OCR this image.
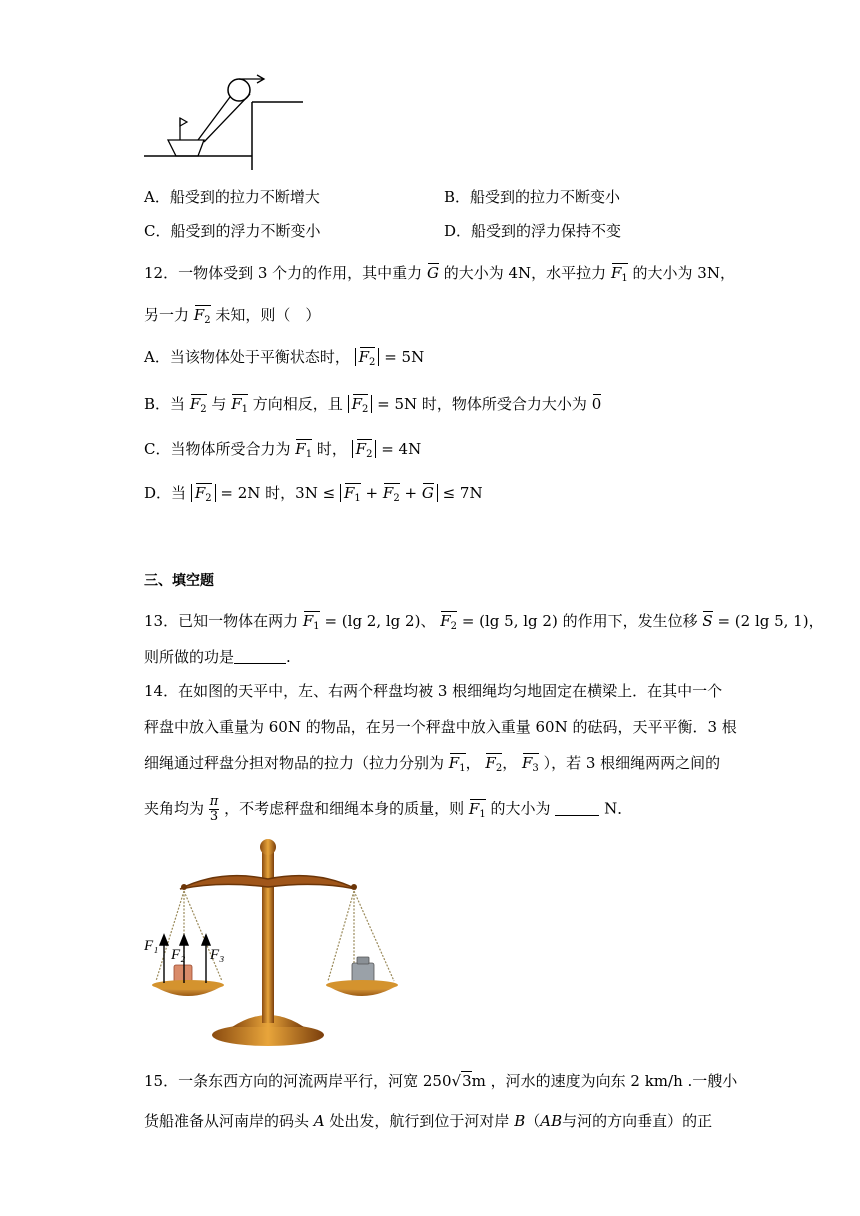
A．船受到的拉力不断增大	B．船受到的拉力不断变小
C．船受到的浮力不断变小	D．船受到的浮力保持不变
12．一物体受到 3 个力的作用，其中重力 G 的大小为 4N，水平拉力 $F_1$ 的大小为 3N，
另一力 $F_2$ 未知，则（　）
A．当该物体处于平衡状态时， $F_2 = 5N$
B．当 $F_2$ 与 $F_1$ 方向相反，且 $F_2 = 5N$ 时，物体所受合力大小为 0
C．当物体所受合力为 $F_1$ 时， $F_2 = 4N$
D．当 $F_2 = 2N$ 时，$3N \le F_1 + F_2 + G \le 7N$
三、填空题
13．已知一物体在两力 $F_1 = (\lg$ 2, lg 2)、 $F_2 = (\lg$ 5, lg 2) 的作用下，发生位移 S = (2 lg 5, 1)，
则所做的功是	.
14．在如图的天平中，左、右两个秤盘均被 3 根细绳均匀地固定在横梁上．在其中一个
秤盘中放入重量为 60N 的物品，在另一个秤盘中放入重量 60N 的砝码，天平平衡．3 根
细绳通过秤盘分担对物品的拉力（拉力分别为 $F_1$， $F_2$， $F_3$ ），若 3 根细绳两两之间的
夹角均为 $\frac{\pi}{3}$ ，不考虑秤盘和细绳本身的质量，则 $F_1$ 的大小为	N．
F₁
F₂ F₃
15．一条东西方向的河流两岸平行，河宽 250√3m ，河水的速度为向东 2 km/h .一艘小
货船准备从河南岸的码头 A 处出发，航行到位于河对岸 B（AB与河的方向垂直）的正
